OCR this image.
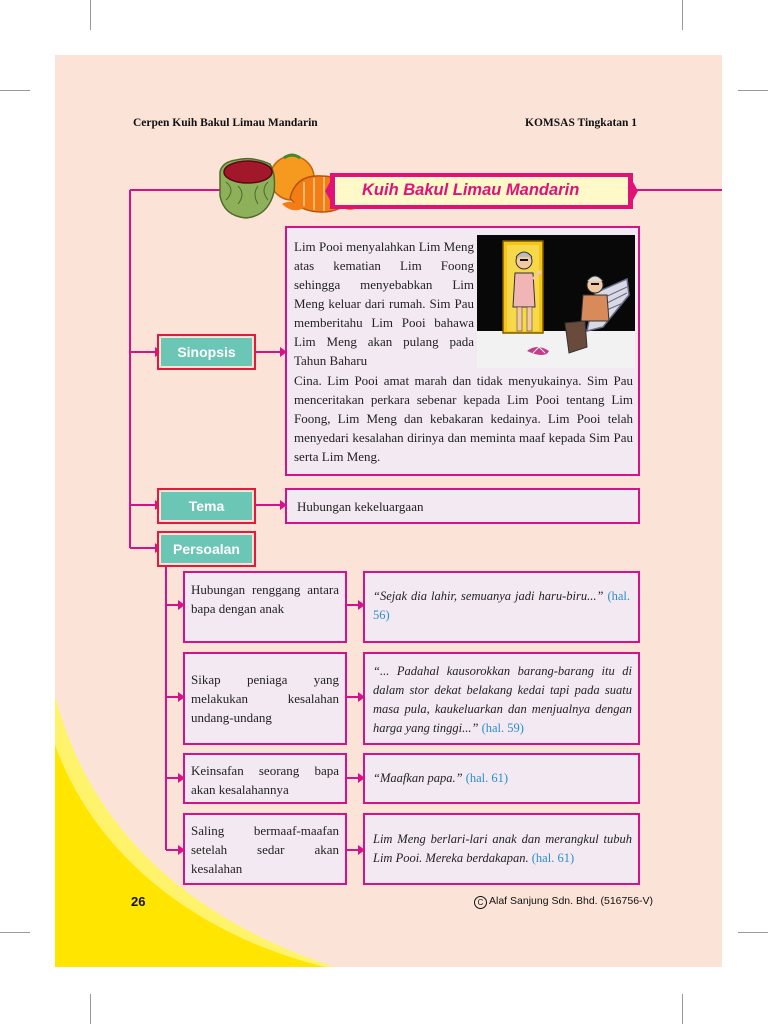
Cerpen Kuih Bakul Limau Mandarin	KOMSAS Tingkatan 1
Kuih Bakul Limau Mandarin
Sinopsis
Lim Pooi menyalahkan Lim Meng atas kematian Lim Foong sehingga menyebabkan Lim Meng keluar dari rumah. Sim Pau memberitahu Lim Pooi bahawa Lim Meng akan pulang pada Tahun Baharu
Cina. Lim Pooi amat marah dan tidak menyukainya. Sim Pau menceritakan perkara sebenar kepada Lim Pooi tentang Lim Foong, Lim Meng dan kebakaran kedainya. Lim Pooi telah menyedari kesalahan dirinya dan meminta maaf kepada Sim Pau serta Lim Meng.
Tema	Hubungan kekeluargaan
Persoalan
Hubungan renggang antara bapa dengan anak
“Sejak dia lahir, semuanya jadi haru-biru...” (hal. 56)
Sikap peniaga yang melakukan kesalahan undang-undang
“... Padahal kausorokkan barang-barang itu di dalam stor dekat belakang kedai tapi pada suatu masa pula, kaukeluarkan dan menjualnya dengan harga yang tinggi...” (hal. 59)
Keinsafan seorang bapa akan kesalahannya
“Maafkan papa.” (hal. 61)
Saling bermaaf-maafan setelah sedar akan kesalahan
Lim Meng berlari-lari anak dan merangkul tubuh Lim Pooi. Mereka berdakapan. (hal. 61)
26	C Alaf Sanjung Sdn. Bhd. (516756-V)
